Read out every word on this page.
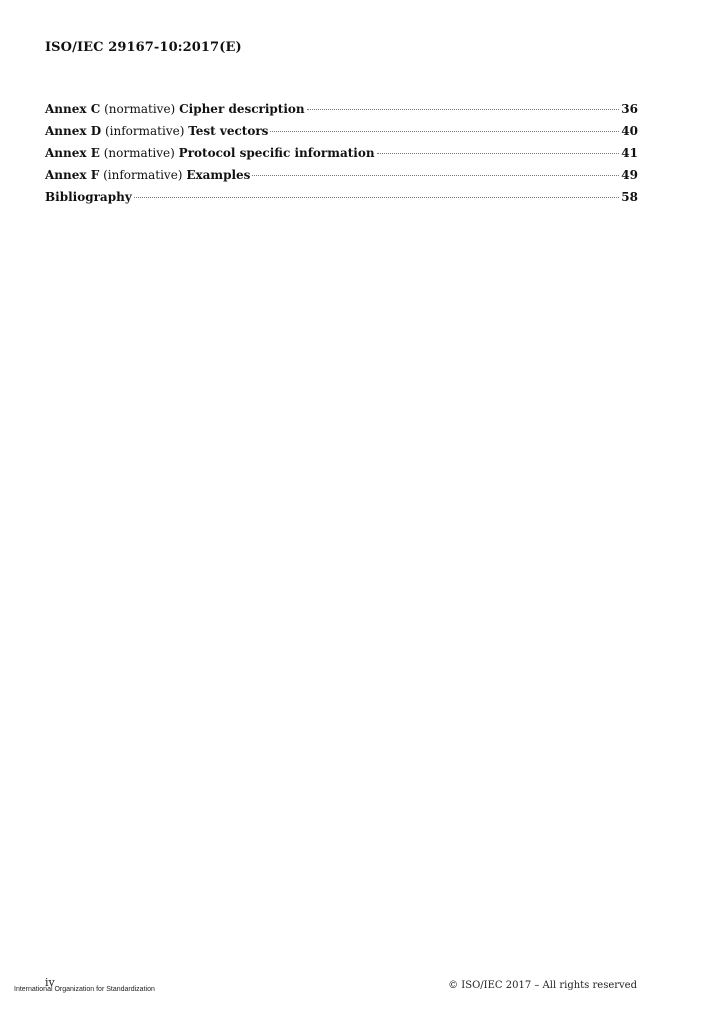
ISO/IEC 29167-10:2017(E)
Annex C (normative) Cipher description	36
Annex D (informative) Test vectors	40
Annex E (normative) Protocol specific information	41
Annex F (informative) Examples	49
Bibliography	58
iv
International Organization for Standardization	© ISO/IEC 2017 – All rights reserved
